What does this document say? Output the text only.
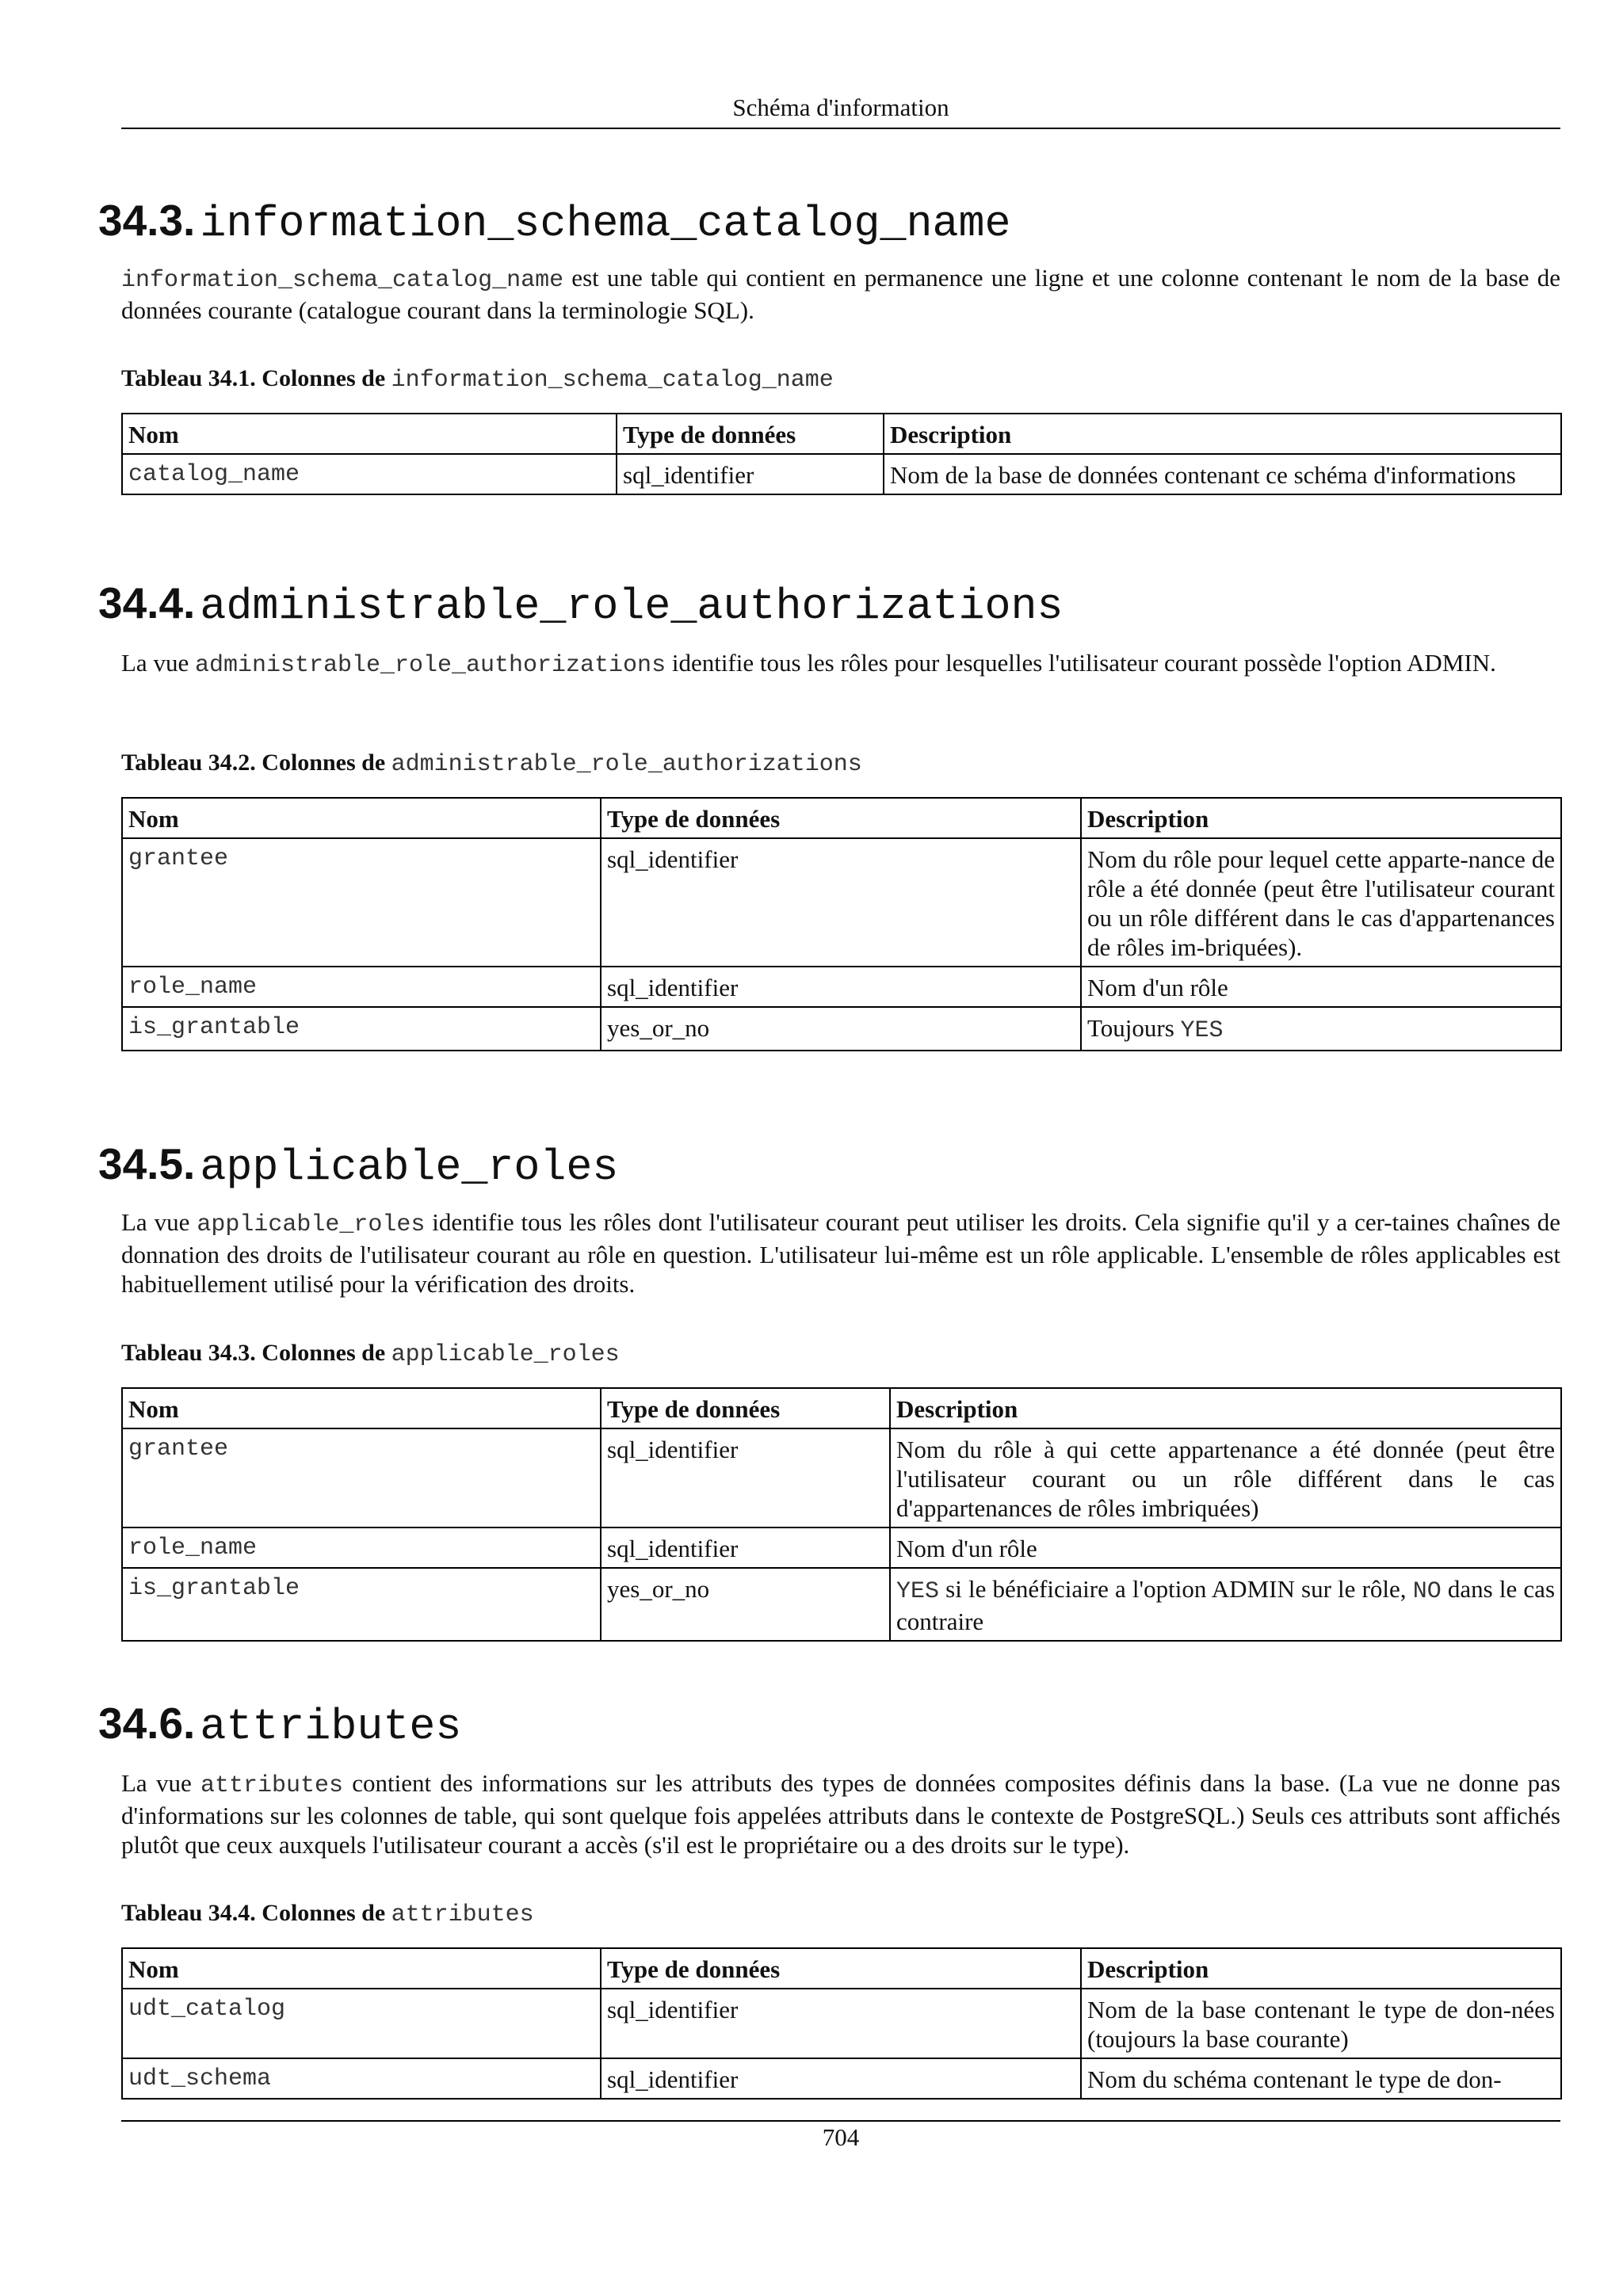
Schéma d'information
34.3. information_schema_catalog_name

information_schema_catalog_name est une table qui contient en permanence une ligne et une colonne contenant le nom de la base de données courante (catalogue courant dans la terminologie SQL).

Tableau 34.1. Colonnes de information_schema_catalog_name

Nom	Type de données	Description
catalog_name	sql_identifier	Nom de la base de données contenant ce schéma d'informations
34.4. administrable_role_authorizations

La vue administrable_role_authorizations identifie tous les rôles pour lesquelles l'utilisateur courant possède l'option ADMIN.

Tableau 34.2. Colonnes de administrable_role_authorizations

Nom	Type de données	Description
grantee	sql_identifier	Nom du rôle pour lequel cette apparte-nance de rôle a été donnée (peut être l'utilisateur courant ou un rôle différent dans le cas d'appartenances de rôles im-briquées).
role_name	sql_identifier	Nom d'un rôle
is_grantable	yes_or_no	Toujours YES
34.5. applicable_roles

La vue applicable_roles identifie tous les rôles dont l'utilisateur courant peut utiliser les droits. Cela signifie qu'il y a cer-taines chaînes de donnation des droits de l'utilisateur courant au rôle en question. L'utilisateur lui-même est un rôle applicable. L'ensemble de rôles applicables est habituellement utilisé pour la vérification des droits.

Tableau 34.3. Colonnes de applicable_roles

Nom	Type de données	Description
grantee	sql_identifier	Nom du rôle à qui cette appartenance a été donnée (peut être l'utilisateur courant ou un rôle différent dans le cas d'appartenances de rôles imbriquées)
role_name	sql_identifier	Nom d'un rôle
is_grantable	yes_or_no	YES si le bénéficiaire a l'option ADMIN sur le rôle, NO dans le cas contraire
34.6. attributes

La vue attributes contient des informations sur les attributs des types de données composites définis dans la base. (La vue ne donne pas d'informations sur les colonnes de table, qui sont quelque fois appelées attributs dans le contexte de PostgreSQL.) Seuls ces attributs sont affichés plutôt que ceux auxquels l'utilisateur courant a accès (s'il est le propriétaire ou a des droits sur le type).

Tableau 34.4. Colonnes de attributes

Nom	Type de données	Description
udt_catalog	sql_identifier	Nom de la base contenant le type de don-nées (toujours la base courante)
udt_schema	sql_identifier	Nom du schéma contenant le type de don-
704
